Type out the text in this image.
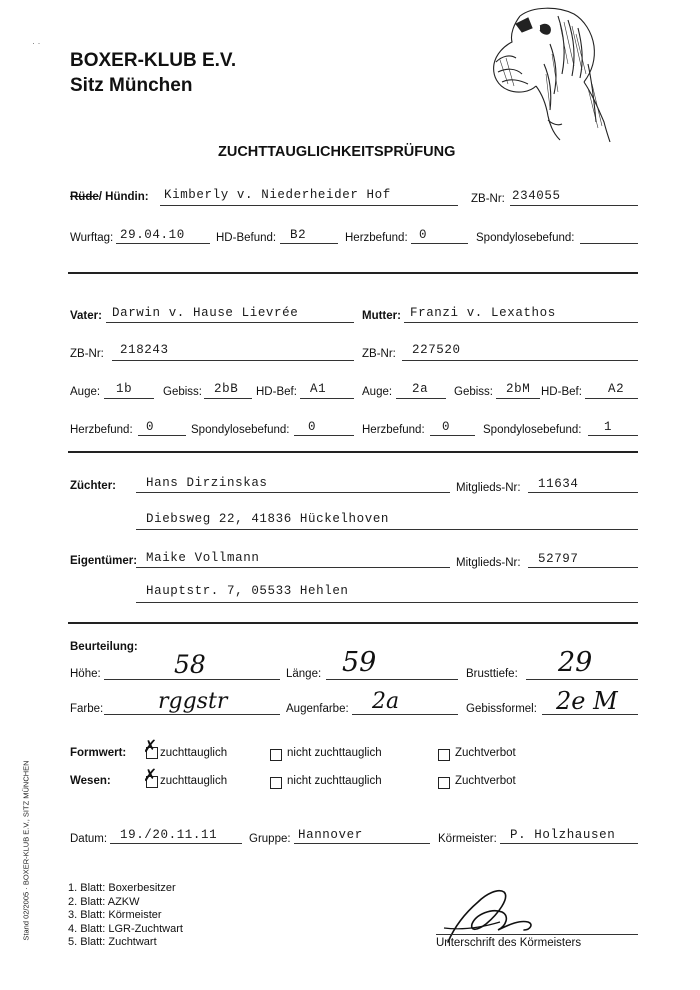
· ·
BOXER-KLUB E.V.
Sitz München
ZUCHTTAUGLICHKEITSPRÜFUNG
Rüde/ Hündin: Kimberly v. Niederheider Hof	ZB-Nr: 234055
Wurftag: 29.04.10	HD-Befund: B2	Herzbefund: 0	Spondylosebefund:
Vater: Darwin v. Hause Lievrée	Mutter: Franzi v. Lexathos
ZB-Nr: 218243	ZB-Nr: 227520
Auge: 1b	Gebiss: 2bB HD-Bef: A1	Auge: 2a Gebiss: 2bM HD-Bef: A2
Herzbefund: 0	Spondylosebefund: 0	Herzbefund: 0	Spondylosebefund: 1
Züchter: Hans Dirzinskas	Mitglieds-Nr: 11634
Diebsweg 22, 41836 Hückelhoven
Eigentümer: Maike Vollmann	Mitglieds-Nr: 52797
Hauptstr. 7, 05533 Hehlen
Beurteilung:
Höhe:	58	Länge: 59	Brusttiefe: 29
Farbe: rggstr	Augenfarbe: 2a	Gebissformel: 2e M
Formwert: ✗ zuchttauglich	nicht zuchttauglich	Zuchtverbot
Wesen: ✗ zuchttauglich	nicht zuchttauglich	Zuchtverbot
Datum: 19./20.11.11	Gruppe: Hannover	Körmeister: P. Holzhausen
1. Blatt: Boxerbesitzer
2. Blatt: AZKW
3. Blatt: Körmeister
4. Blatt: LGR-Zuchtwart
5. Blatt: Zuchtwart	Unterschrift des Körmeisters
Stand 02/2005 · BOXER-KLUB E.V., SITZ MÜNCHEN
